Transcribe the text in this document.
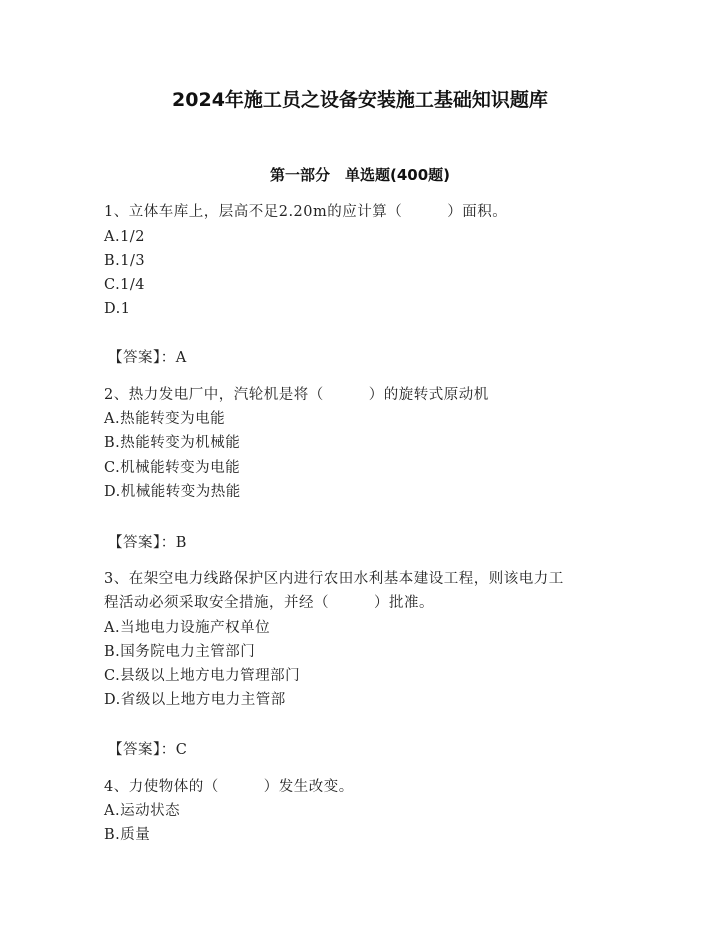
2024年施工员之设备安装施工基础知识题库
第一部分　单选题(400题)
1、立体车库上，层高不足2.20m的应计算（　　　）面积。
A.1/2
B.1/3
C.1/4
D.1
【答案】：A
2、热力发电厂中，汽轮机是将（　　　）的旋转式原动机
A.热能转变为电能
B.热能转变为机械能
C.机械能转变为电能
D.机械能转变为热能
【答案】：B
3、在架空电力线路保护区内进行农田水利基本建设工程，则该电力工
程活动必须采取安全措施，并经（　　　）批准。
A.当地电力设施产权单位
B.国务院电力主管部门
C.县级以上地方电力管理部门
D.省级以上地方电力主管部
【答案】：C
4、力使物体的（　　　）发生改变。
A.运动状态
B.质量
